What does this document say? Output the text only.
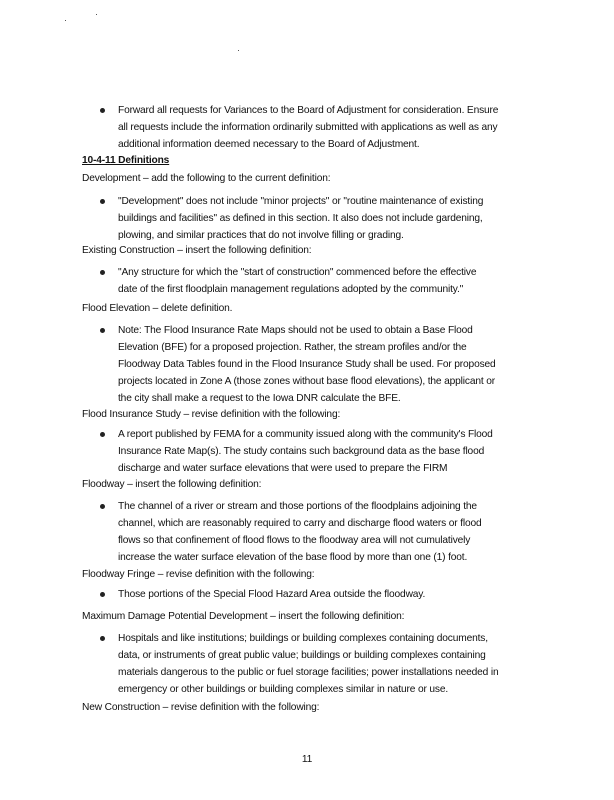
Forward all requests for Variances to the Board of Adjustment for consideration. Ensure
all requests include the information ordinarily submitted with applications as well as any
additional information deemed necessary to the Board of Adjustment.
10-4-11 Definitions
Development – add the following to the current definition:
"Development" does not include "minor projects" or "routine maintenance of existing
buildings and facilities" as defined in this section. It also does not include gardening,
plowing, and similar practices that do not involve filling or grading.
Existing Construction – insert the following definition:
"Any structure for which the "start of construction" commenced before the effective
date of the first floodplain management regulations adopted by the community."
Flood Elevation – delete definition.
Note: The Flood Insurance Rate Maps should not be used to obtain a Base Flood
Elevation (BFE) for a proposed projection. Rather, the stream profiles and/or the
Floodway Data Tables found in the Flood Insurance Study shall be used. For proposed
projects located in Zone A (those zones without base flood elevations), the applicant or
the city shall make a request to the Iowa DNR calculate the BFE.
Flood Insurance Study – revise definition with the following:
A report published by FEMA for a community issued along with the community's Flood
Insurance Rate Map(s). The study contains such background data as the base flood
discharge and water surface elevations that were used to prepare the FIRM
Floodway – insert the following definition:
The channel of a river or stream and those portions of the floodplains adjoining the
channel, which are reasonably required to carry and discharge flood waters or flood
flows so that confinement of flood flows to the floodway area will not cumulatively
increase the water surface elevation of the base flood by more than one (1) foot.
Floodway Fringe – revise definition with the following:
Those portions of the Special Flood Hazard Area outside the floodway.
Maximum Damage Potential Development – insert the following definition:
Hospitals and like institutions; buildings or building complexes containing documents,
data, or instruments of great public value; buildings or building complexes containing
materials dangerous to the public or fuel storage facilities; power installations needed in
emergency or other buildings or building complexes similar in nature or use.
New Construction – revise definition with the following:
11
